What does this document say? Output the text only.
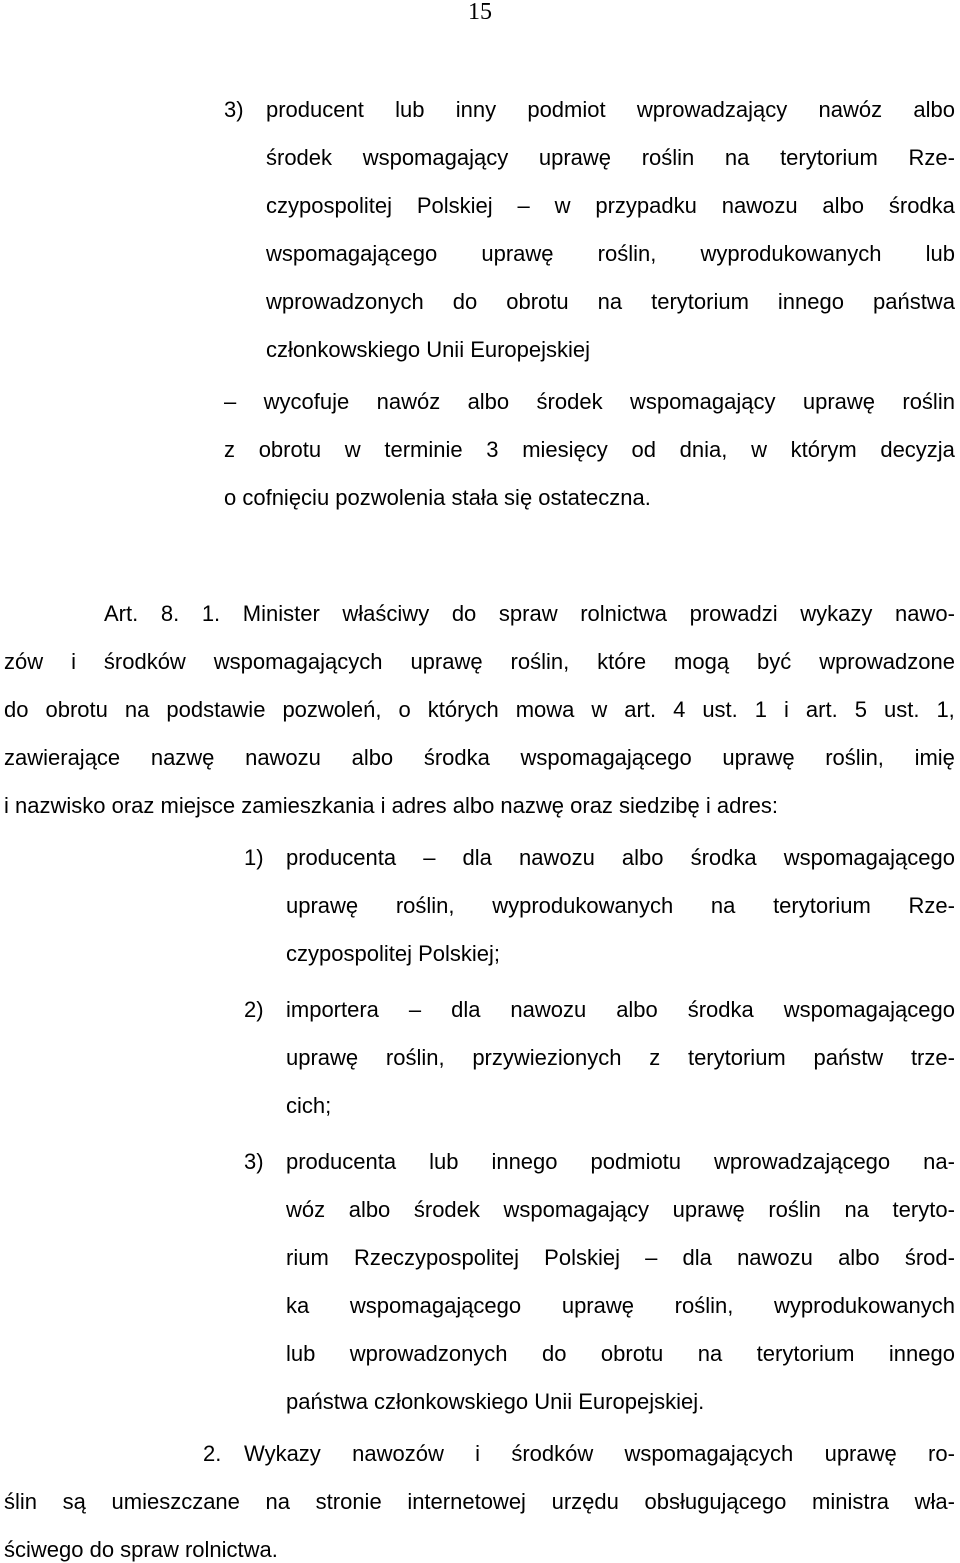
15
3) producent lub inny podmiot wprowadzający nawóz albo
środek wspomagający uprawę roślin na terytorium Rze-
czypospolitej Polskiej – w przypadku nawozu albo środka
wspomagającego uprawę roślin, wyprodukowanych lub
wprowadzonych do obrotu na terytorium innego państwa
członkowskiego Unii Europejskiej
– wycofuje nawóz albo środek wspomagający uprawę roślin
z obrotu w terminie 3 miesięcy od dnia, w którym decyzja
o cofnięciu pozwolenia stała się ostateczna.
Art. 8. 1. Minister właściwy do spraw rolnictwa prowadzi wykazy nawo-
zów i środków wspomagających uprawę roślin, które mogą być wprowadzone
do obrotu na podstawie pozwoleń, o których mowa w art. 4 ust. 1 i art. 5 ust. 1,
zawierające nazwę nawozu albo środka wspomagającego uprawę roślin, imię
i nazwisko oraz miejsce zamieszkania i adres albo nazwę oraz siedzibę i adres:
1) producenta – dla nawozu albo środka wspomagającego
uprawę roślin, wyprodukowanych na terytorium Rze-
czypospolitej Polskiej;
2) importera – dla nawozu albo środka wspomagającego
uprawę roślin, przywiezionych z terytorium państw trze-
cich;
3) producenta lub innego podmiotu wprowadzającego na-
wóz albo środek wspomagający uprawę roślin na teryto-
rium Rzeczypospolitej Polskiej – dla nawozu albo środ-
ka wspomagającego uprawę roślin, wyprodukowanych
lub wprowadzonych do obrotu na terytorium innego
państwa członkowskiego Unii Europejskiej.
2. Wykazy nawozów i środków wspomagających uprawę ro-
ślin są umieszczane na stronie internetowej urzędu obsługującego ministra wła-
ściwego do spraw rolnictwa.
